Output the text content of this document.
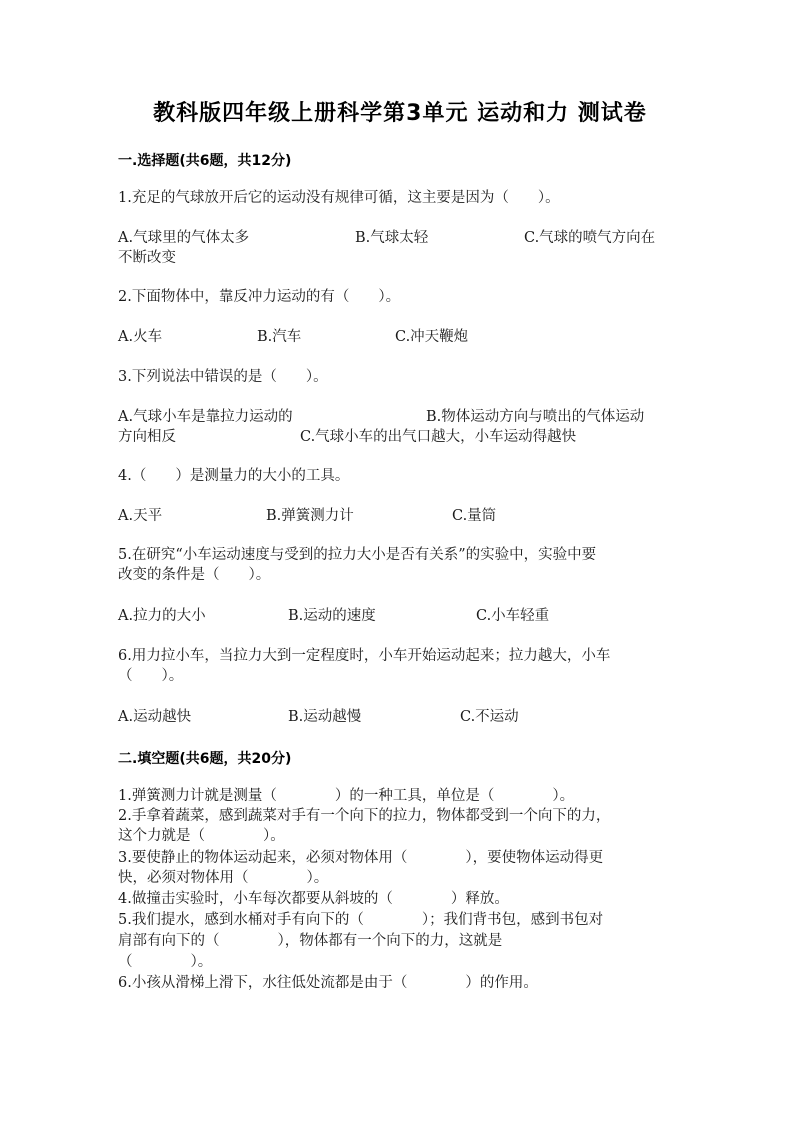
教科版四年级上册科学第3单元 运动和力 测试卷
一.选择题(共6题，共12分)
1.充足的气球放开后它的运动没有规律可循，这主要是因为（　　）。
A.气球里的气体太多	B.气球太轻	C.气球的喷气方向在
不断改变
2.下面物体中，靠反冲力运动的有（　　）。
A.火车	B.汽车	C.冲天鞭炮
3.下列说法中错误的是（　　）。
A.气球小车是靠拉力运动的	B.物体运动方向与喷出的气体运动
方向相反	C.气球小车的出气口越大，小车运动得越快
4.（　　）是测量力的大小的工具。
A.天平	B.弹簧测力计	C.量筒
5.在研究“小车运动速度与受到的拉力大小是否有关系”的实验中，实验中要
改变的条件是（　　）。
A.拉力的大小	B.运动的速度	C.小车轻重
6.用力拉小车，当拉力大到一定程度时，小车开始运动起来；拉力越大，小车
（　　）。
A.运动越快	B.运动越慢	C.不运动
二.填空题(共6题，共20分)
1.弹簧测力计就是测量（　　　　）的一种工具，单位是（　　　　）。
2.手拿着蔬菜，感到蔬菜对手有一个向下的拉力，物体都受到一个向下的力，
这个力就是（　　　　）。
3.要使静止的物体运动起来，必须对物体用（　　　　），要使物体运动得更
快，必须对物体用（　　　　）。
4.做撞击实验时，小车每次都要从斜坡的（　　　　）释放。
5.我们提水，感到水桶对手有向下的（　　　　）；我们背书包，感到书包对
肩部有向下的（　　　　），物体都有一个向下的力，这就是
（　　　　）。
6.小孩从滑梯上滑下，水往低处流都是由于（　　　　）的作用。
